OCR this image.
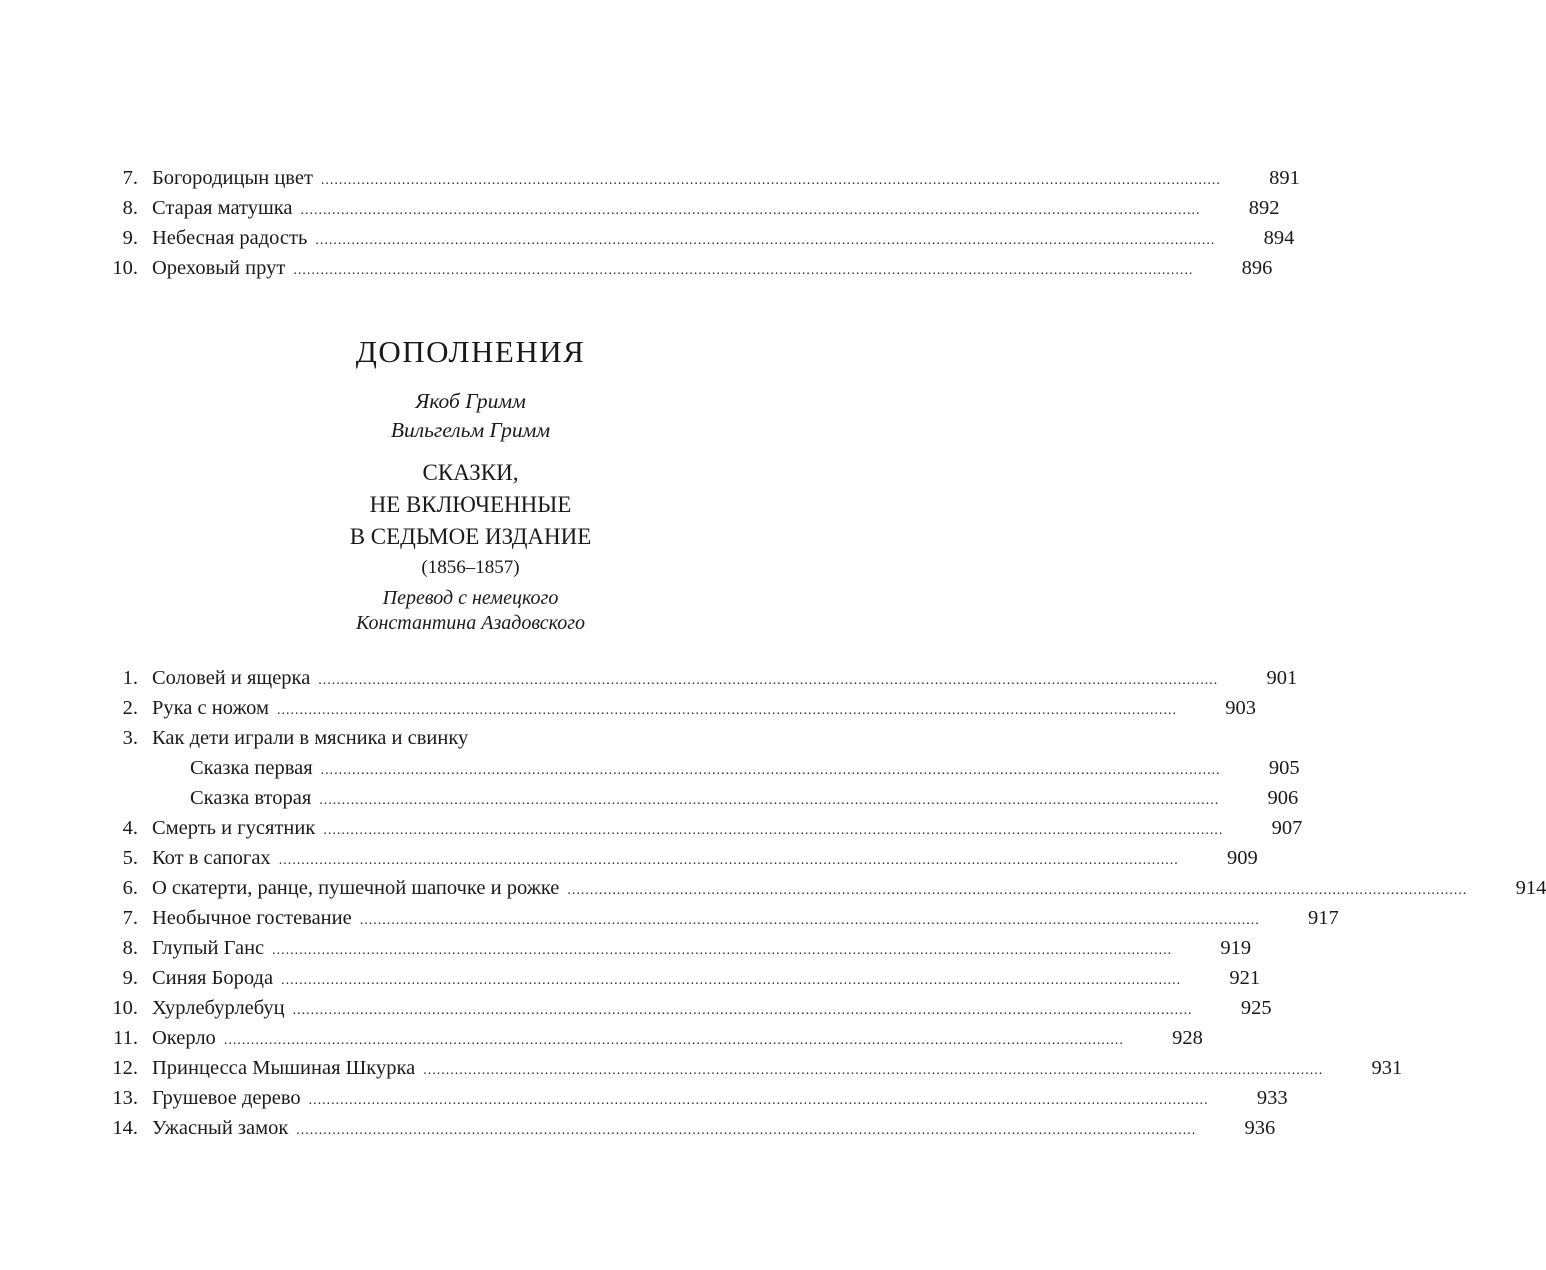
7. Богородицын цвет ........................................................................................................................................................................................................ 891
8. Старая матушка ........................................................................................................................................................................................................ 892
9. Небесная радость ........................................................................................................................................................................................................ 894
10. Ореховый прут ........................................................................................................................................................................................................ 896
ДОПОЛНЕНИЯ
Якоб Гримм
Вильгельм Гримм
СКАЗКИ,
НЕ ВКЛЮЧЕННЫЕ
В СЕДЬМОЕ ИЗДАНИЕ
(1856–1857)
Перевод с немецкого
Константина Азадовского
1. Соловей и ящерка ........................................................................................................................................................................................................ 901
2. Рука с ножом ........................................................................................................................................................................................................ 903
3. Как дети играли в мясника и свинку
Сказка первая ........................................................................................................................................................................................................ 905
Сказка вторая ........................................................................................................................................................................................................ 906
4. Смерть и гусятник ........................................................................................................................................................................................................ 907
5. Кот в сапогах ........................................................................................................................................................................................................ 909
6. О скатерти, ранце, пушечной шапочке и рожке ........................................................................................................................................................................................................ 914
7. Необычное гостевание ........................................................................................................................................................................................................ 917
8. Глупый Ганс ........................................................................................................................................................................................................ 919
9. Синяя Борода ........................................................................................................................................................................................................ 921
10. Хурлебурлебуц ........................................................................................................................................................................................................ 925
11. Окерло ........................................................................................................................................................................................................ 928
12. Принцесса Мышиная Шкурка ........................................................................................................................................................................................................ 931
13. Грушевое дерево ........................................................................................................................................................................................................ 933
14. Ужасный замок ........................................................................................................................................................................................................ 936
